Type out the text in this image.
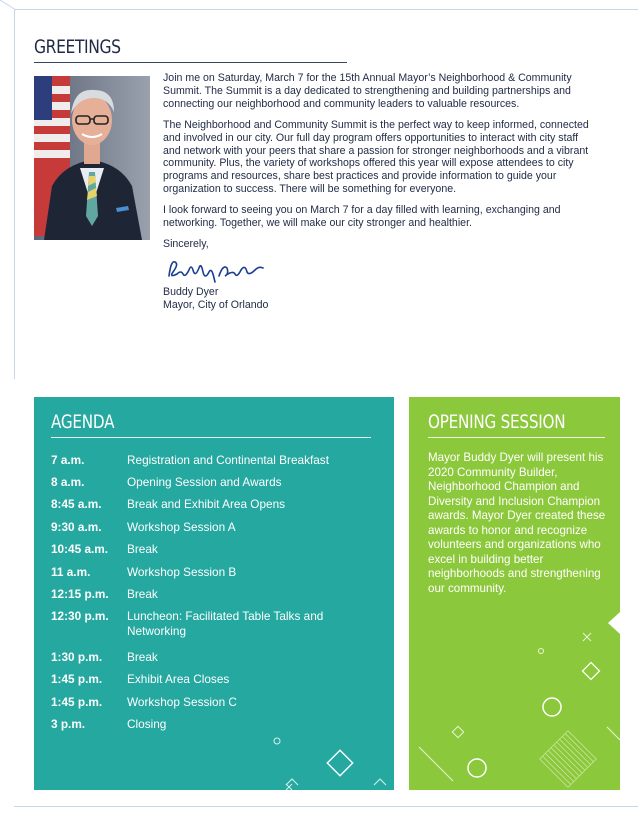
GREETINGS

Join me on Saturday, March 7 for the 15th Annual Mayor’s Neighborhood & Community Summit. The Summit is a day dedicated to strengthening and building partnerships and connecting our neighborhood and community leaders to valuable resources.

The Neighborhood and Community Summit is the perfect way to keep informed, connected and involved in our city. Our full day program offers opportunities to interact with city staff and network with your peers that share a passion for stronger neighborhoods and a vibrant community. Plus, the variety of workshops offered this year will expose attendees to city programs and resources, share best practices and provide information to guide your organization to success. There will be something for everyone.

I look forward to seeing you on March 7 for a day filled with learning, exchanging and networking. Together, we will make our city stronger and healthier.

Sincerely,
Buddy Dyer
Mayor, City of Orlando
AGENDA
7 a.m.	Registration and Continental Breakfast
8 a.m.	Opening Session and Awards
8:45 a.m. Break and Exhibit Area Opens
9:30 a.m. Workshop Session A
10:45 a.m. Break
11 a.m.	Workshop Session B
12:15 p.m. Break
12:30 p.m. Luncheon: Facilitated Table Talks and Networking
1:30 p.m. Break
1:45 p.m. Exhibit Area Closes
1:45 p.m. Workshop Session C
3 p.m.	Closing
OPENING SESSION
Mayor Buddy Dyer will present his 2020 Community Builder, Neighborhood Champion and Diversity and Inclusion Champion awards. Mayor Dyer created these awards to honor and recognize volunteers and organizations who excel in building better neighborhoods and strengthening our community.
